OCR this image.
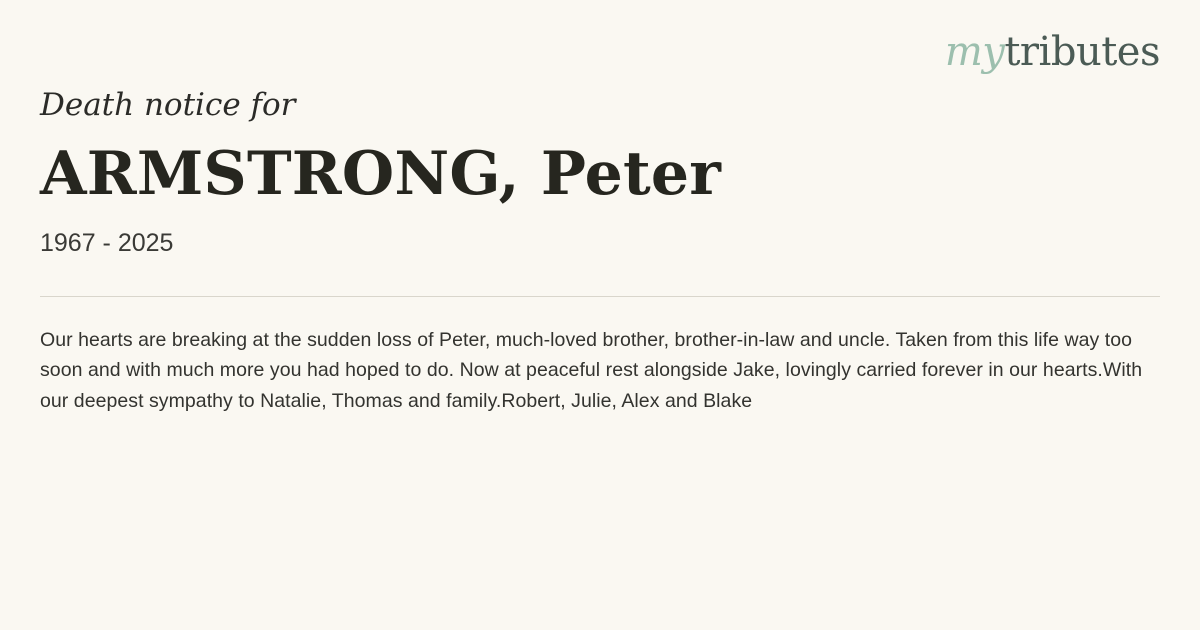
mytributes

Death notice for

ARMSTRONG, Peter

1967 - 2025

Our hearts are breaking at the sudden loss of Peter, much-loved brother, brother-in-law and uncle. Taken from this life way too soon and with much more you had hoped to do. Now at peaceful rest alongside Jake, lovingly carried forever in our hearts.With our deepest sympathy to Natalie, Thomas and family.Robert, Julie, Alex and Blake
